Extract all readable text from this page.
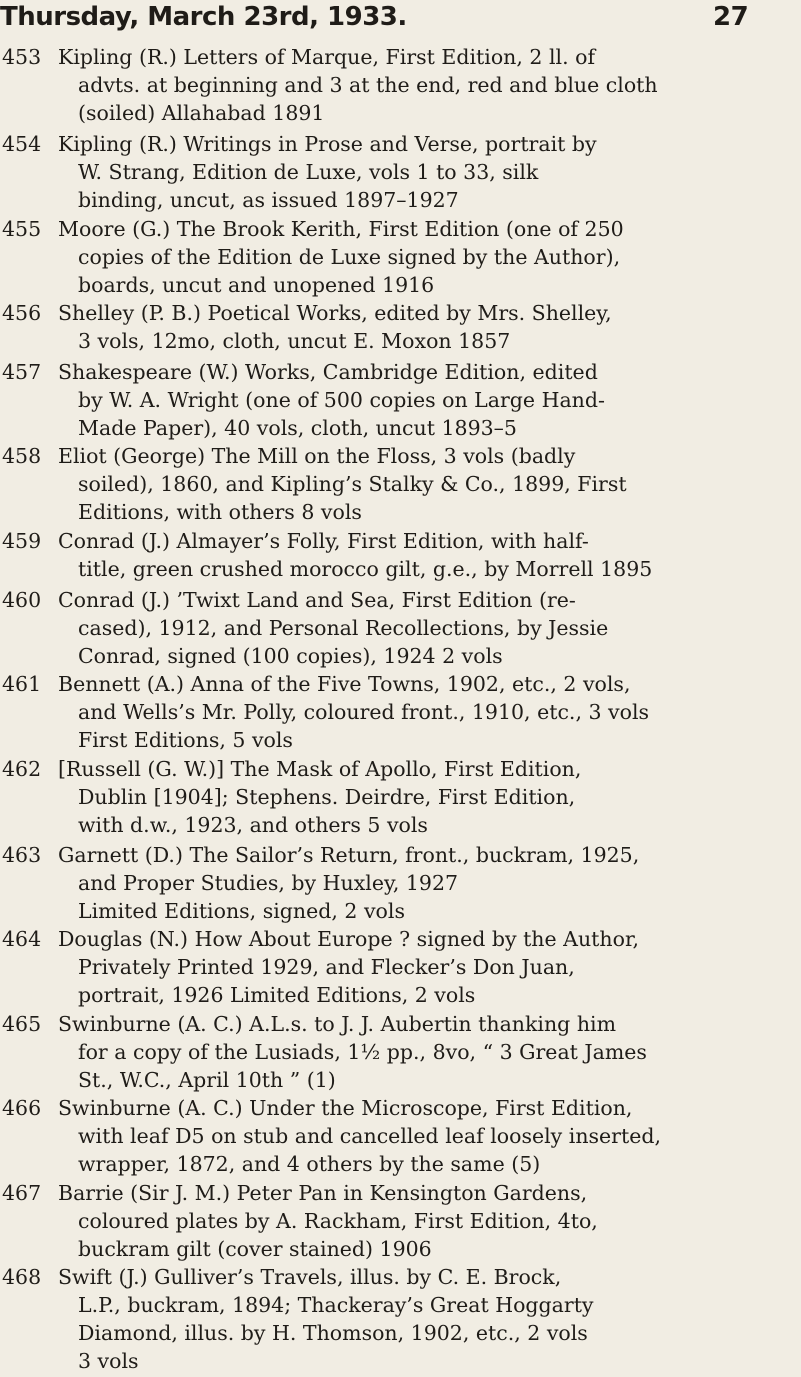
Thursday, March 23rd, 1933.	27
453 Kipling (R.) Letters of Marque, First Edition, 2 ll. of
advts. at beginning and 3 at the end, red and blue cloth
(soiled) Allahabad 1891
454 Kipling (R.) Writings in Prose and Verse, portrait by
W. Strang, Edition de Luxe, vols 1 to 33, silk
binding, uncut, as issued 1897–1927
455 Moore (G.) The Brook Kerith, First Edition (one of 250
copies of the Edition de Luxe signed by the Author),
boards, uncut and unopened 1916
456 Shelley (P. B.) Poetical Works, edited by Mrs. Shelley,
3 vols, 12mo, cloth, uncut E. Moxon 1857
457 Shakespeare (W.) Works, Cambridge Edition, edited
by W. A. Wright (one of 500 copies on Large Hand-
Made Paper), 40 vols, cloth, uncut 1893–5
458 Eliot (George) The Mill on the Floss, 3 vols (badly
soiled), 1860, and Kipling’s Stalky & Co., 1899, First
Editions, with others 8 vols
459 Conrad (J.) Almayer’s Folly, First Edition, with half-
title, green crushed morocco gilt, g.e., by Morrell 1895
460 Conrad (J.) ’Twixt Land and Sea, First Edition (re-
cased), 1912, and Personal Recollections, by Jessie
Conrad, signed (100 copies), 1924 2 vols
461 Bennett (A.) Anna of the Five Towns, 1902, etc., 2 vols,
and Wells’s Mr. Polly, coloured front., 1910, etc., 3 vols
First Editions, 5 vols
462 [Russell (G. W.)] The Mask of Apollo, First Edition,
Dublin [1904]; Stephens. Deirdre, First Edition,
with d.w., 1923, and others 5 vols
463 Garnett (D.) The Sailor’s Return, front., buckram, 1925,
and Proper Studies, by Huxley, 1927
Limited Editions, signed, 2 vols
464 Douglas (N.) How About Europe ? signed by the Author,
Privately Printed 1929, and Flecker’s Don Juan,
portrait, 1926 Limited Editions, 2 vols
465 Swinburne (A. C.) A.L.s. to J. J. Aubertin thanking him
for a copy of the Lusiads, 1½ pp., 8vo, “ 3 Great James
St., W.C., April 10th ” (1)
466 Swinburne (A. C.) Under the Microscope, First Edition,
with leaf D5 on stub and cancelled leaf loosely inserted,
wrapper, 1872, and 4 others by the same (5)
467 Barrie (Sir J. M.) Peter Pan in Kensington Gardens,
coloured plates by A. Rackham, First Edition, 4to,
buckram gilt (cover stained) 1906
468 Swift (J.) Gulliver’s Travels, illus. by C. E. Brock,
L.P., buckram, 1894; Thackeray’s Great Hoggarty
Diamond, illus. by H. Thomson, 1902, etc., 2 vols
3 vols
